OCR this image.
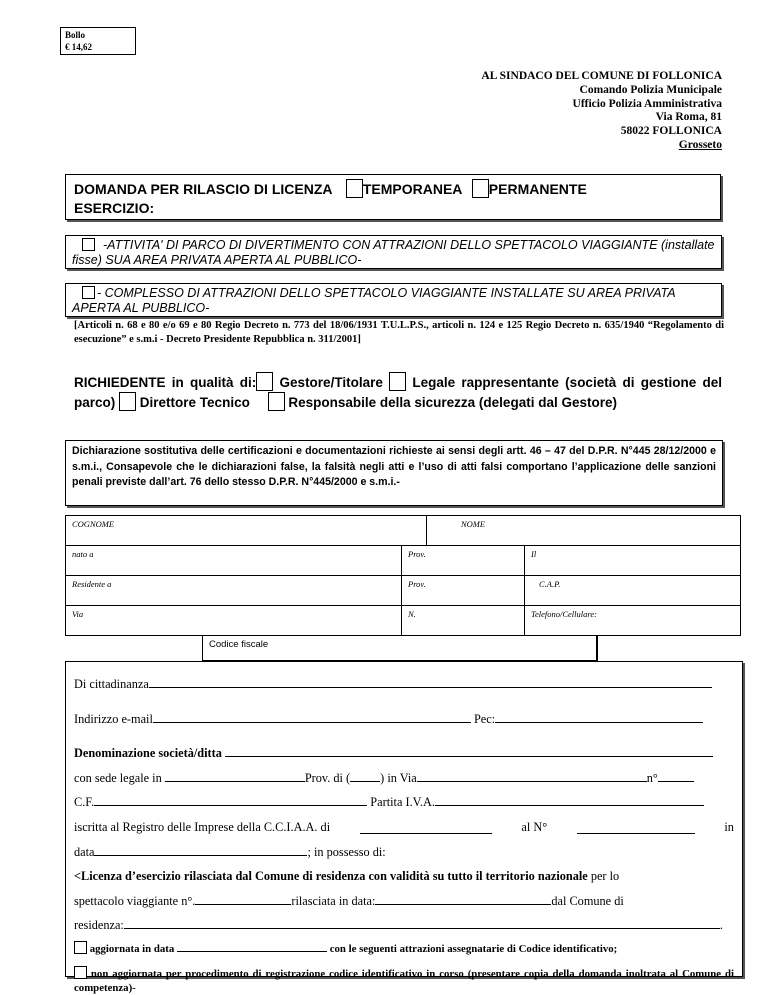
Bollo
€ 14,62
AL SINDACO DEL COMUNE DI FOLLONICA
Comando Polizia Municipale
Ufficio Polizia Amministrativa
Via Roma, 81
58022 FOLLONICA
Grosseto
DOMANDA PER RILASCIO DI LICENZA TEMPORANEA PERMANENTE
ESERCIZIO:
-ATTIVITA' DI PARCO DI DIVERTIMENTO CON ATTRAZIONI DELLO SPETTACOLO VIAGGIANTE (installate fisse) SUA AREA PRIVATA APERTA AL PUBBLICO-
- COMPLESSO DI ATTRAZIONI DELLO SPETTACOLO VIAGGIANTE INSTALLATE SU AREA PRIVATA APERTA AL PUBBLICO-
[Articoli n. 68 e 80 e/o 69 e 80 Regio Decreto n. 773 del 18/06/1931 T.U.L.P.S., articoli n. 124 e 125 Regio Decreto n. 635/1940 “Regolamento di esecuzione” e s.m.i - Decreto Presidente Repubblica n. 311/2001]
RICHIEDENTE in qualità di: Gestore/Titolare Legale rappresentante (società di gestione del parco) Direttore Tecnico	Responsabile della sicurezza (delegati dal Gestore)
Dichiarazione sostitutiva delle certificazioni e documentazioni richieste ai sensi degli artt. 46 – 47 del D.P.R. N°445 28/12/2000 e s.m.i., Consapevole che le dichiarazioni false, la falsità negli atti e l’uso di atti falsi comportano l’applicazione delle sanzioni penali previste dall’art. 76 dello stesso D.P.R. N°445/2000 e s.m.i.-
COGNOME	NOME
nato a	Prov.	Il
Residente a	Prov.	C.A.P.
Via	N.	Telefono/Cellulare:
Codice fiscale
Di cittadinanza
Indirizzo e-mail	Pec:
Denominazione società/ditta
con sede legale in	Prov. di ( ) in Via	n°
C.F.	Partita I.V.A.
iscritta al Registro delle Imprese della C.C.I.A.A. di	al N°	in
data	; in possesso di:
<Licenza d’esercizio rilasciata dal Comune di residenza con validità su tutto il territorio nazionale per lo
spettacolo viaggiante n°.	rilasciata in data:	dal Comune di
residenza:	.
aggiornata in data	con le seguenti attrazioni assegnatarie di Codice identificativo;
non aggiornata per procedimento di registrazione codice identificativo in corso (presentare copia della domanda inoltrata al Comune di competenza)-
